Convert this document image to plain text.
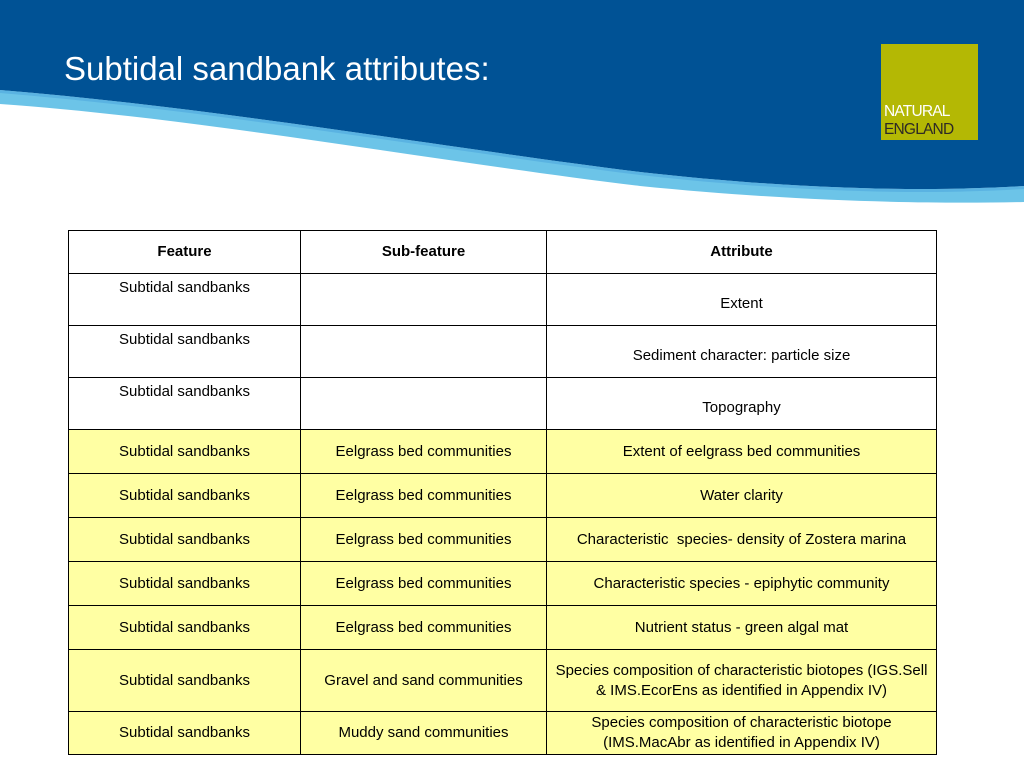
Subtidal sandbank attributes:
NATURAL
ENGLAND
Feature	Sub-feature	Attribute
Subtidal sandbanks		Extent
Subtidal sandbanks		Sediment character: particle size
Subtidal sandbanks		Topography
Subtidal sandbanks	Eelgrass bed communities	Extent of eelgrass bed communities
Subtidal sandbanks	Eelgrass bed communities	Water clarity
Subtidal sandbanks	Eelgrass bed communities	Characteristic  species- density of Zostera marina
Subtidal sandbanks	Eelgrass bed communities	Characteristic species - epiphytic community
Subtidal sandbanks	Eelgrass bed communities	Nutrient status - green algal mat
Subtidal sandbanks	Gravel and sand communities	Species composition of characteristic biotopes (IGS.Sell & IMS.EcorEns as identified in Appendix IV)
Subtidal sandbanks	Muddy sand communities	Species composition of characteristic biotope (IMS.MacAbr as identified in Appendix IV)
